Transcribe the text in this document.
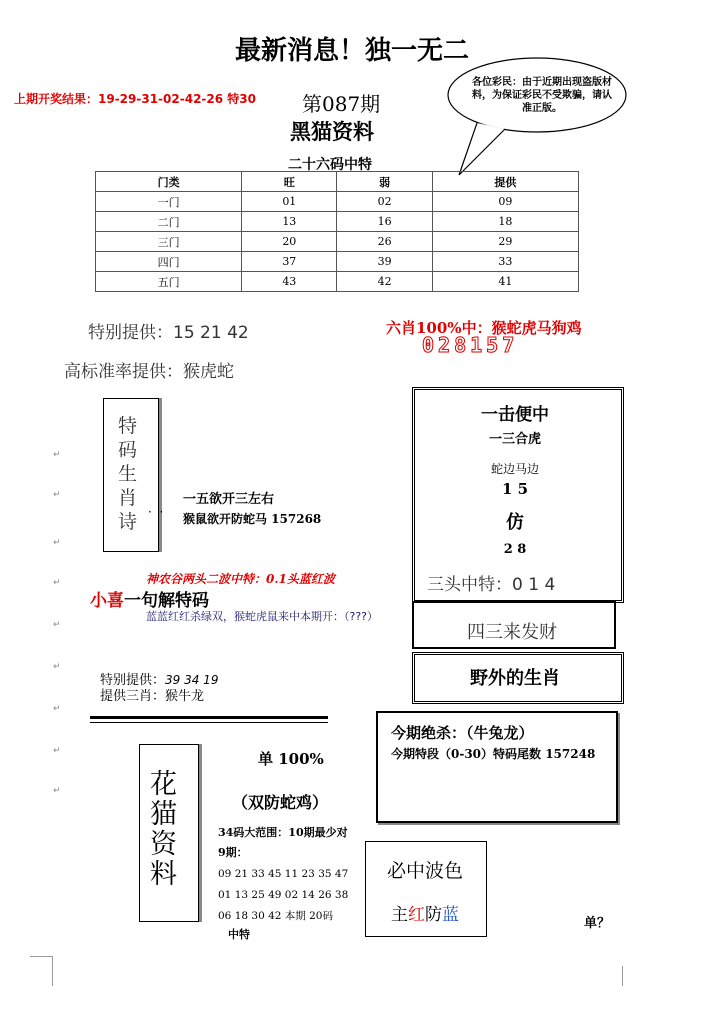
最新消息！独一无二
上期开奖结果：19-29-31-02-42-26 特30 第087期
黑猫资料
二十六码中特
各位彩民：由于近期出现盗版材料，为保证彩民不受欺骗，请认准正版。
门类	旺	弱	提供
一门	01	02	09
二门	13	16	18
三门	20	26	29
四门	37	39	33
五门	43	42	41
特别提供：15 21 42	六肖100%中：猴蛇虎马狗鸡
028157
高标准率提供：猴虎蛇
特码生肖诗 ·  ·
一五欲开三左右
猴鼠欲开防蛇马 157268
神农谷两头二波中特：0.1头蓝红波
小喜一句解特码
蓝蓝红红杀绿双，猴蛇虎鼠来中本期开：（???）
特别提供：39 34 19
提供三肖：猴牛龙
一击便中
一三合虎
蛇边马边
1 5
仿
2 8
三头中特：0 1 4
四三来发财
野外的生肖
今期绝杀：（牛兔龙）
今期特段（0-30）特码尾数 157248
花猫资料
单 100%
（双防蛇鸡）
34码大范围：10期最少对
9期：
09 21 33 45 11 23 35 47
01 13 25 49 02 14 26 38
06 18 30 42 本期 20码
中特
必中波色
主红防蓝	单？
↵
↵
↵
↵
↵
↵
↵
↵
↵
